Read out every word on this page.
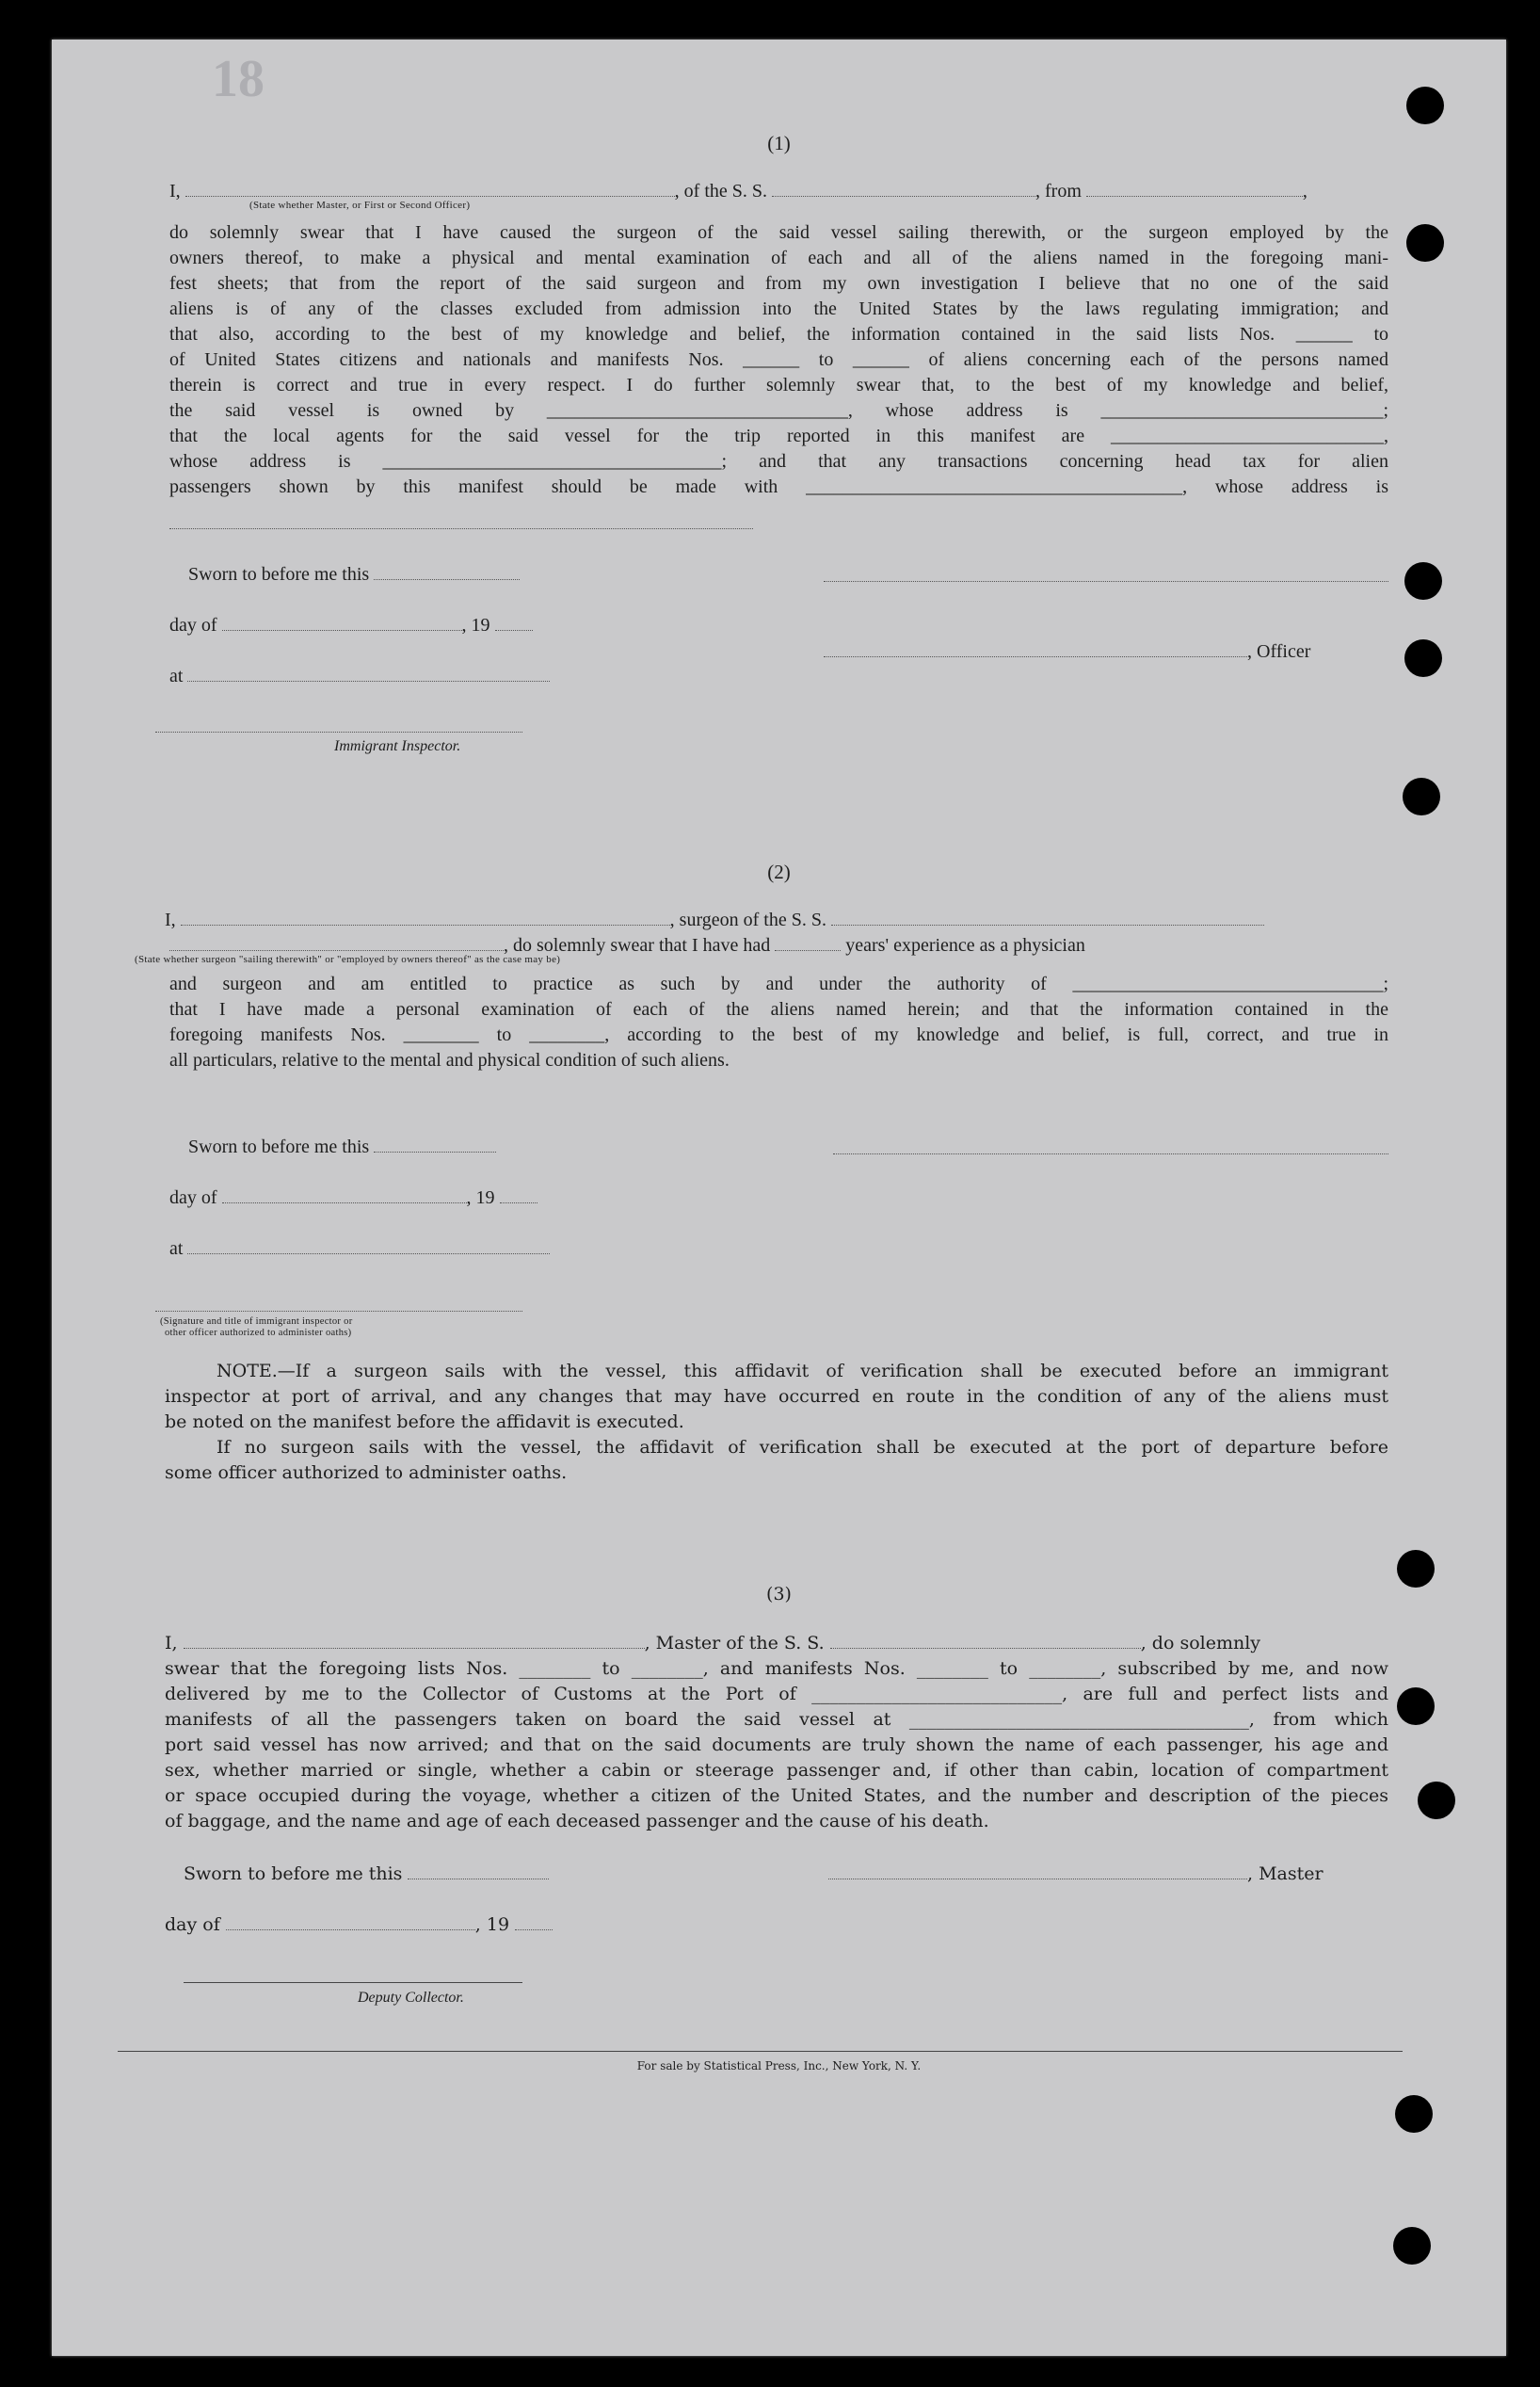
18
(1)
I,	, of the S. S.	, from	,
(State whether Master, or First or Second Officer)
do solemnly swear that I have caused the surgeon of the said vessel sailing therewith, or the surgeon employed by the
owners thereof, to make a physical and mental examination of each and all of the aliens named in the foregoing mani-
fest sheets; that from the report of the said surgeon and from my own investigation I believe that no one of the said
aliens is of any of the classes excluded from admission into the United States by the laws regulating immigration; and
that also, according to the best of my knowledge and belief, the information contained in the said lists Nos. ______ to
of United States citizens and nationals and manifests Nos. ______ to ______ of aliens concerning each of the persons named
therein is correct and true in every respect. I do further solemnly swear that, to the best of my knowledge and belief,
the said vessel is owned by ________________________________, whose address is ______________________________;
that the local agents for the said vessel for the trip reported in this manifest are _____________________________,
whose address is ____________________________________; and that any transactions concerning head tax for alien
passengers shown by this manifest should be made with ________________________________________, whose address is
Sworn to before me this
day of	, 19
, Officer
at
Immigrant Inspector.
(2)
I,	, surgeon of the S. S.
, do solemnly swear that I have had	years' experience as a physician
(State whether surgeon "sailing therewith" or "employed by owners thereof" as the case may be)
and surgeon and am entitled to practice as such by and under the authority of _________________________________;
that I have made a personal examination of each of the aliens named herein; and that the information contained in the
foregoing manifests Nos. ________ to ________, according to the best of my knowledge and belief, is full, correct, and true in
all particulars, relative to the mental and physical condition of such aliens.
Sworn to before me this
day of	, 19
at
(Signature and title of immigrant inspector or
other officer authorized to administer oaths)
NOTE.—If a surgeon sails with the vessel, this affidavit of verification shall be executed before an immigrant
inspector at port of arrival, and any changes that may have occurred en route in the condition of any of the aliens must
be noted on the manifest before the affidavit is executed.
If no surgeon sails with the vessel, the affidavit of verification shall be executed at the port of departure before
some officer authorized to administer oaths.
(3)
I,	, Master of the S. S.	, do solemnly
swear that the foregoing lists Nos. ________ to ________, and manifests Nos. ________ to ________, subscribed by me, and now
delivered by me to the Collector of Customs at the Port of ____________________________, are full and perfect lists and
manifests of all the passengers taken on board the said vessel at ______________________________________, from which
port said vessel has now arrived; and that on the said documents are truly shown the name of each passenger, his age and
sex, whether married or single, whether a cabin or steerage passenger and, if other than cabin, location of compartment
or space occupied during the voyage, whether a citizen of the United States, and the number and description of the pieces
of baggage, and the name and age of each deceased passenger and the cause of his death.
Sworn to before me this	, Master
day of	, 19
Deputy Collector.
For sale by Statistical Press, Inc., New York, N. Y.
